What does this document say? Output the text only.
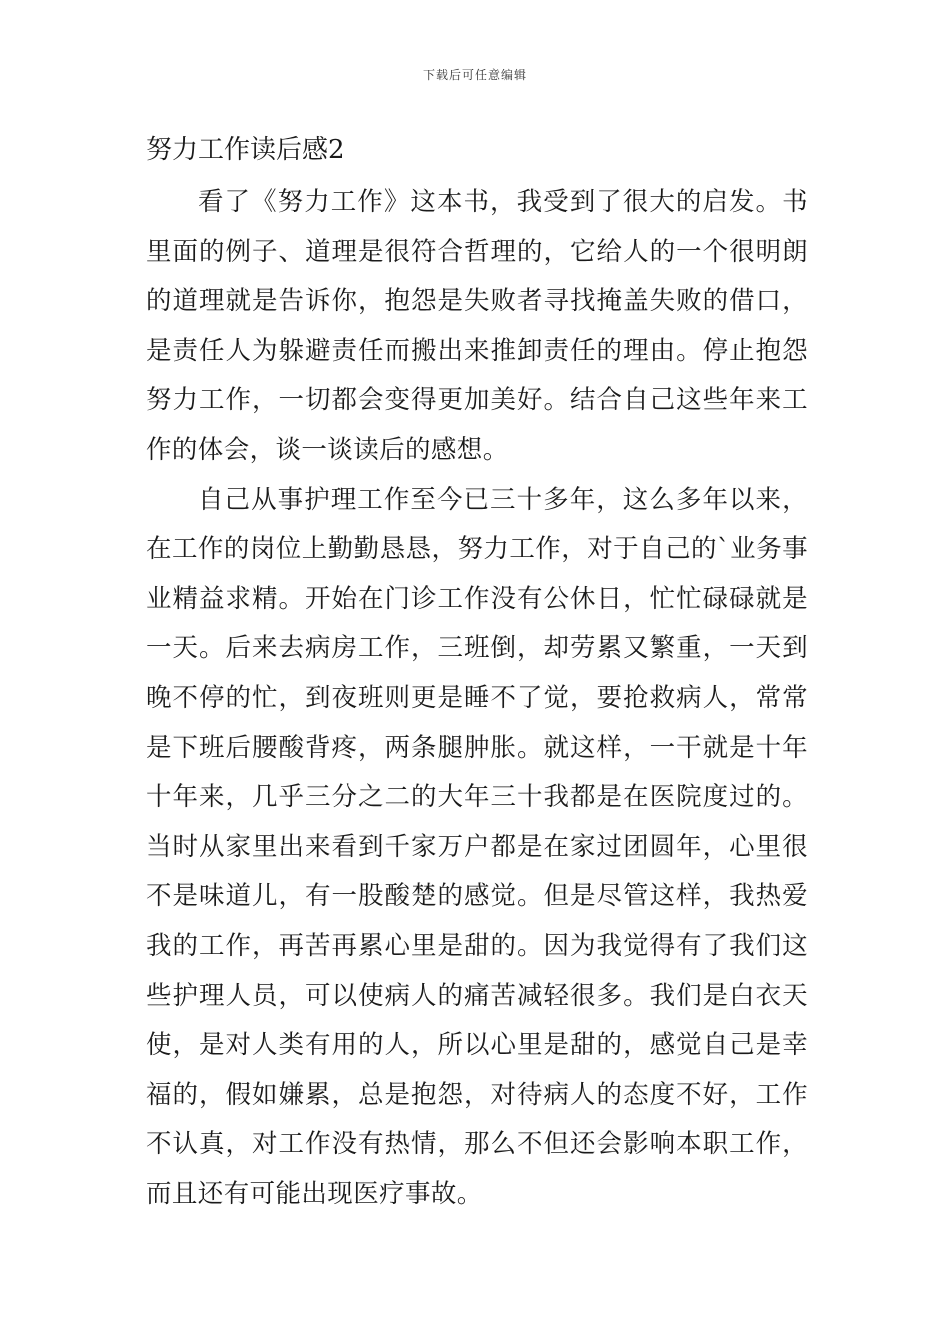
下载后可任意编辑
努力工作读后感2

看了《努力工作》这本书，我受到了很大的启发。书里面的例子、道理是很符合哲理的，它给人的一个很明朗的道理就是告诉你，抱怨是失败者寻找掩盖失败的借口，是责任人为躲避责任而搬出来推卸责任的理由。停止抱怨努力工作，一切都会变得更加美好。结合自己这些年来工作的体会，谈一谈读后的感想。

自己从事护理工作至今已三十多年，这么多年以来，在工作的岗位上勤勤恳恳，努力工作，对于自己的`业务事业精益求精。开始在门诊工作没有公休日，忙忙碌碌就是一天。后来去病房工作，三班倒，却劳累又繁重，一天到晚不停的忙，到夜班则更是睡不了觉，要抢救病人，常常是下班后腰酸背疼，两条腿肿胀。就这样，一干就是十年十年来，几乎三分之二的大年三十我都是在医院度过的。当时从家里出来看到千家万户都是在家过团圆年，心里很不是味道儿，有一股酸楚的感觉。但是尽管这样，我热爱我的工作，再苦再累心里是甜的。因为我觉得有了我们这些护理人员，可以使病人的痛苦减轻很多。我们是白衣天使，是对人类有用的人，所以心里是甜的，感觉自己是幸福的，假如嫌累，总是抱怨，对待病人的态度不好，工作不认真，对工作没有热情，那么不但还会影响本职工作，而且还有可能出现医疗事故。
